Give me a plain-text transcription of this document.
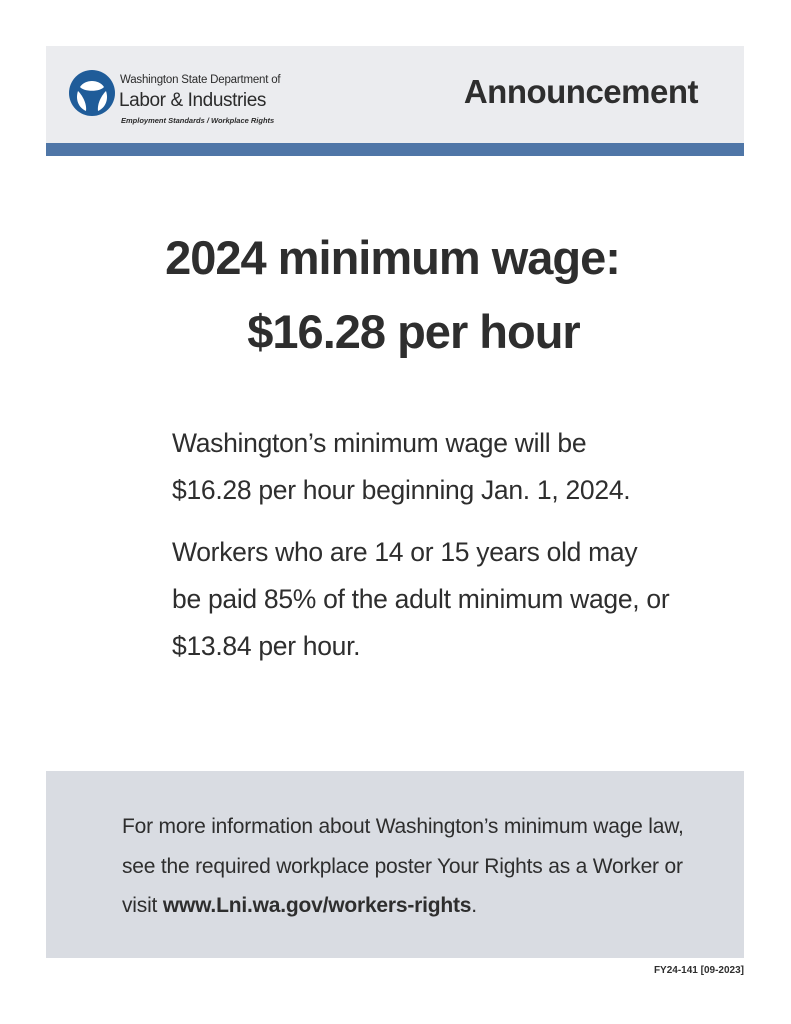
Washington State Department of
Labor & Industries
Employment Standards / Workplace Rights
Announcement
2024 minimum wage:
$16.28 per hour
Washington’s minimum wage will be $16.28 per hour beginning Jan. 1, 2024.
Workers who are 14 or 15 years old may be paid 85% of the adult minimum wage, or $13.84 per hour.
For more information about Washington’s minimum wage law, see the required workplace poster Your Rights as a Worker or visit www.Lni.wa.gov/workers-rights.
FY24-141 [09-2023]
